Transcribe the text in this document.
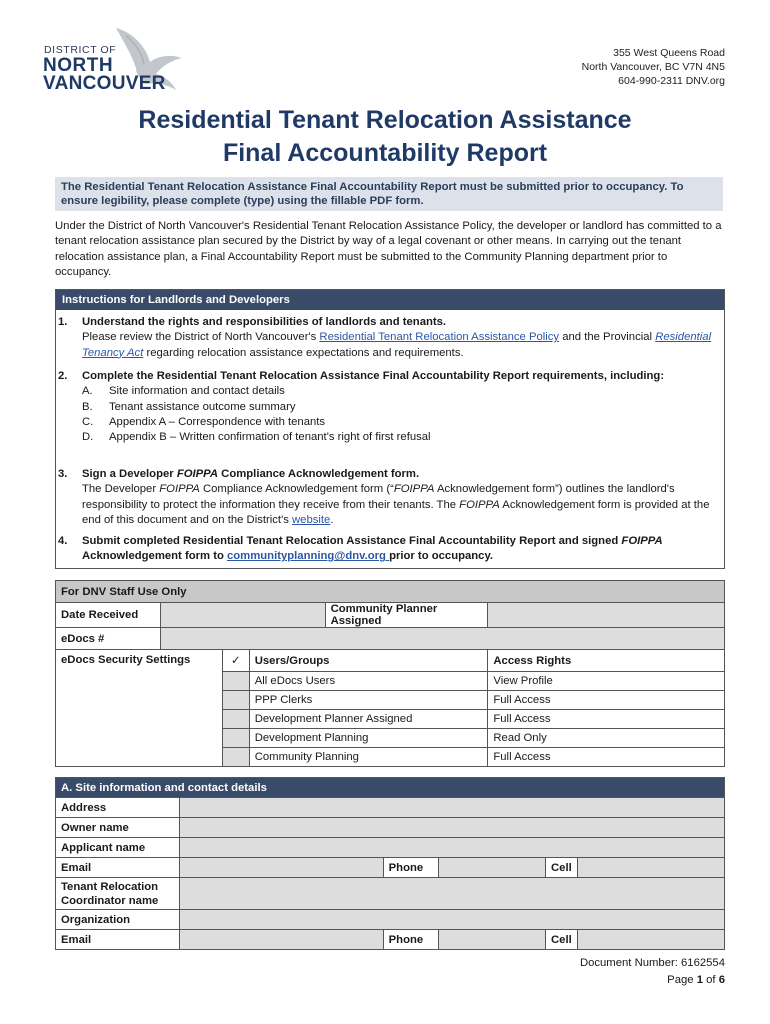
DISTRICT OF
NORTH
VANCOUVER
355 West Queens Road
North Vancouver, BC V7N 4N5
604-990-2311 DNV.org
Residential Tenant Relocation Assistance
Final Accountability Report
The Residential Tenant Relocation Assistance Final Accountability Report must be submitted prior to occupancy. To ensure legibility, please complete (type) using the fillable PDF form.
Under the District of North Vancouver's Residential Tenant Relocation Assistance Policy, the developer or landlord has committed to a tenant relocation assistance plan secured by the District by way of a legal covenant or other means. In carrying out the tenant relocation assistance plan, a Final Accountability Report must be submitted to the Community Planning department prior to occupancy.
Instructions for Landlords and Developers
1. Understand the rights and responsibilities of landlords and tenants.
Please review the District of North Vancouver's Residential Tenant Relocation Assistance Policy and the Provincial Residential Tenancy Act regarding relocation assistance expectations and requirements.
2. Complete the Residential Tenant Relocation Assistance Final Accountability Report requirements, including:
A. Site information and contact details
B. Tenant assistance outcome summary
C. Appendix A – Correspondence with tenants
D. Appendix B – Written confirmation of tenant's right of first refusal
3. Sign a Developer FOIPPA Compliance Acknowledgement form.
The Developer FOIPPA Compliance Acknowledgement form (“FOIPPA Acknowledgement form”) outlines the landlord's responsibility to protect the information they receive from their tenants. The FOIPPA Acknowledgement form is provided at the end of this document and on the District's website.
4. Submit completed Residential Tenant Relocation Assistance Final Accountability Report and signed FOIPPA Acknowledgement form to communityplanning@dnv.org prior to occupancy.
For DNV Staff Use Only					
Date Received				Community Planner Assigned	
eDocs #					
eDocs Security Settings		✓	Users/Groups		Access Rights
			All eDocs Users		View Profile
			PPP Clerks		Full Access
			Development Planner Assigned		Full Access
			Development Planning		Read Only
			Community Planning		Full Access
A. Site information and contact details					
Address					
Owner name					
Applicant name					
Email		Phone		Cell	
Tenant Relocation Coordinator name					
Organization					
Email		Phone		Cell	
Document Number: 6162554
Page 1 of 6
